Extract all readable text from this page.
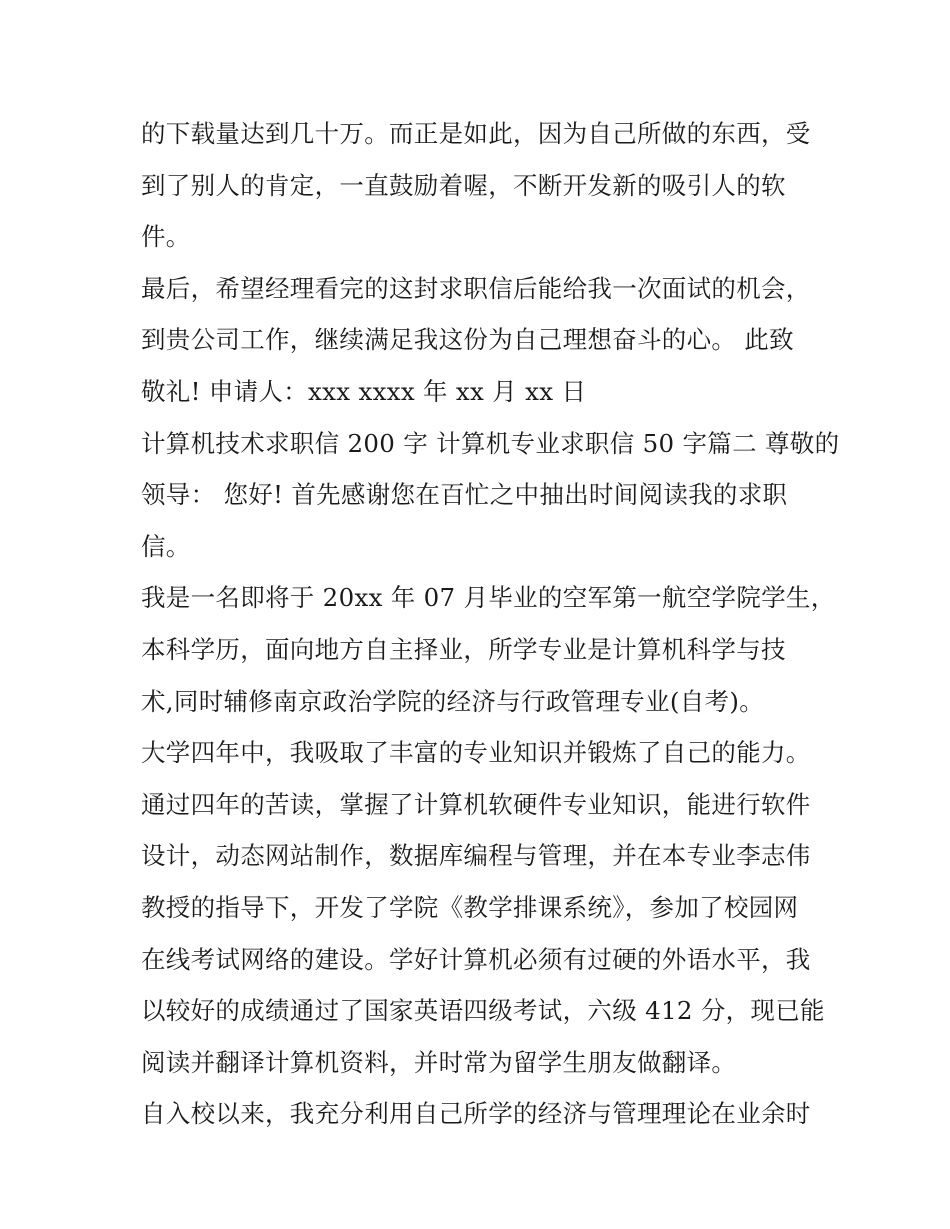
的下载量达到几十万。而正是如此，因为自己所做的东西，受
到了别人的肯定，一直鼓励着喔，不断开发新的吸引人的软
件。
最后，希望经理看完的这封求职信后能给我一次面试的机会，
到贵公司工作，继续满足我这份为自己理想奋斗的心。 此致
敬礼! 申请人：xxx xxxx 年 xx 月 xx 日
计算机技术求职信 200 字 计算机专业求职信 50 字篇二 尊敬的
领导： 您好! 首先感谢您在百忙之中抽出时间阅读我的求职
信。
我是一名即将于 20xx 年 07 月毕业的空军第一航空学院学生，
本科学历，面向地方自主择业，所学专业是计算机科学与技
术,同时辅修南京政治学院的经济与行政管理专业(自考)。
大学四年中，我吸取了丰富的专业知识并锻炼了自己的能力。
通过四年的苦读，掌握了计算机软硬件专业知识，能进行软件
设计，动态网站制作，数据库编程与管理，并在本专业李志伟
教授的指导下，开发了学院《教学排课系统》，参加了校园网
在线考试网络的建设。学好计算机必须有过硬的外语水平，我
以较好的成绩通过了国家英语四级考试，六级 412 分，现已能
阅读并翻译计算机资料，并时常为留学生朋友做翻译。
自入校以来，我充分利用自己所学的经济与管理理论在业余时
